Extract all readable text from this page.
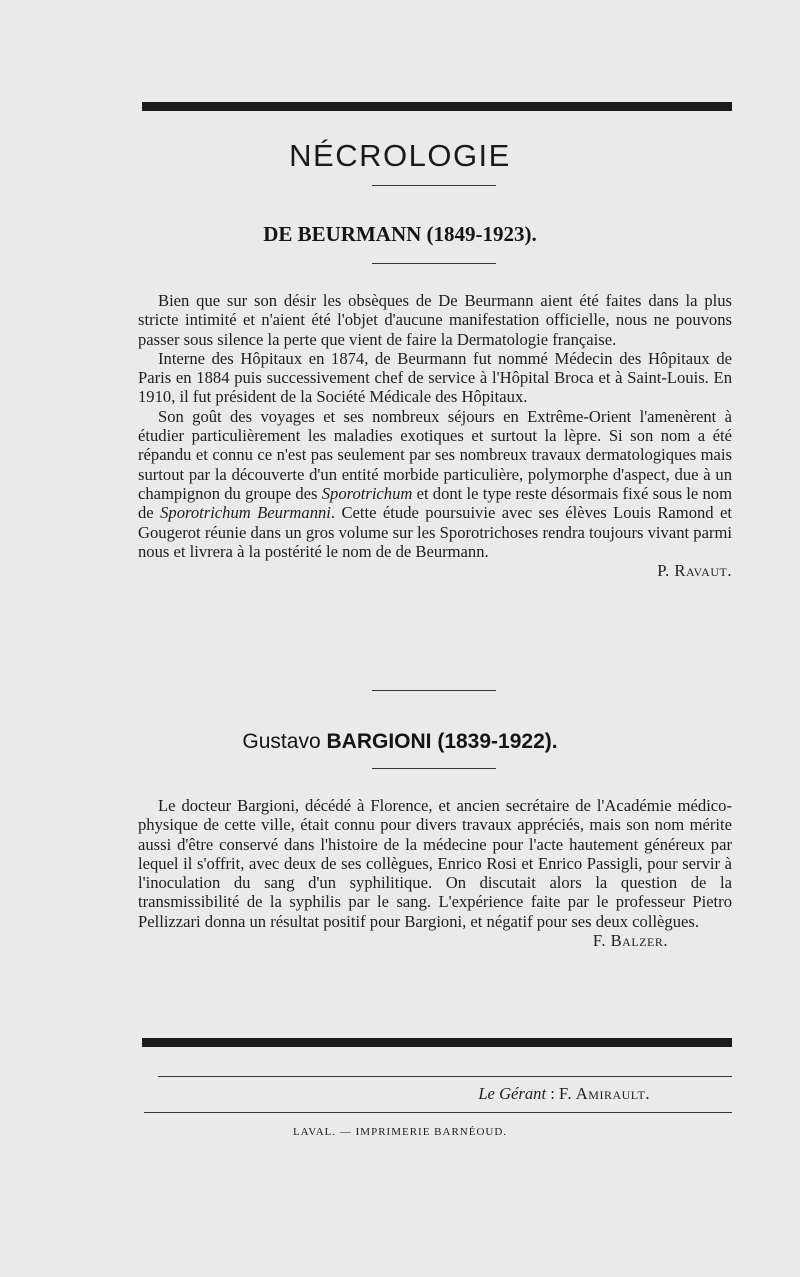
NÉCROLOGIE
DE BEURMANN (1849-1923).

Bien que sur son désir les obsèques de De Beurmann aient été faites dans la plus stricte intimité et n'aient été l'objet d'aucune manifestation officielle, nous ne pouvons passer sous silence la perte que vient de faire la Dermatologie française.

Interne des Hôpitaux en 1874, de Beurmann fut nommé Médecin des Hôpitaux de Paris en 1884 puis successivement chef de service à l'Hôpital Broca et à Saint-Louis. En 1910, il fut président de la Société Médicale des Hôpitaux.

Son goût des voyages et ses nombreux séjours en Extrême-Orient l'amenèrent à étudier particulièrement les maladies exotiques et surtout la lèpre. Si son nom a été répandu et connu ce n'est pas seulement par ses nombreux travaux dermatologiques mais surtout par la découverte d'un entité morbide particulière, polymorphe d'aspect, due à un champignon du groupe des Sporotrichum et dont le type reste désormais fixé sous le nom de Sporotrichum Beurmanni. Cette étude poursuivie avec ses élèves Louis Ramond et Gougerot réunie dans un gros volume sur les Sporotrichoses rendra toujours vivant parmi nous et livrera à la postérité le nom de de Beurmann.

P. Ravaut.
Gustavo BARGIONI (1839-1922).

Le docteur Bargioni, décédé à Florence, et ancien secrétaire de l'Académie médico-physique de cette ville, était connu pour divers travaux appréciés, mais son nom mérite aussi d'être conservé dans l'histoire de la médecine pour l'acte hautement généreux par lequel il s'offrit, avec deux de ses collègues, Enrico Rosi et Enrico Passigli, pour servir à l'inoculation du sang d'un syphilitique. On discutait alors la question de la transmissibilité de la syphilis par le sang. L'expérience faite par le professeur Pietro Pellizzari donna un résultat positif pour Bargioni, et négatif pour ses deux collègues.

F. Balzer.
Le Gérant : F. Amirault.
LAVAL. — IMPRIMERIE BARNÉOUD.
